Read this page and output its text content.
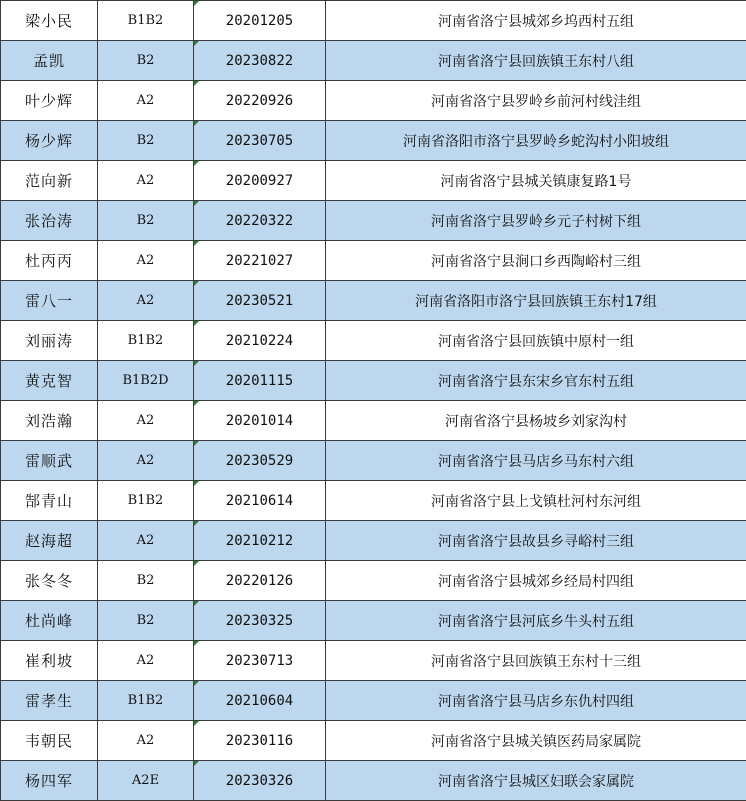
梁小民	B1B2	20201205	河南省洛宁县城郊乡坞西村五组
孟凯	B2	20230822	河南省洛宁县回族镇王东村八组
叶少辉	A2	20220926	河南省洛宁县罗岭乡前河村线洼组
杨少辉	B2	20230705	河南省洛阳市洛宁县罗岭乡蛇沟村小阳坡组
范向新	A2	20200927	河南省洛宁县城关镇康复路1号
张治涛	B2	20220322	河南省洛宁县罗岭乡元子村树下组
杜丙丙	A2	20221027	河南省洛宁县涧口乡西陶峪村三组
雷八一	A2	20230521	河南省洛阳市洛宁县回族镇王东村17组
刘丽涛	B1B2	20210224	河南省洛宁县回族镇中原村一组
黄克智	B1B2D	20201115	河南省洛宁县东宋乡官东村五组
刘浩瀚	A2	20201014	河南省洛宁县杨坡乡刘家沟村
雷顺武	A2	20230529	河南省洛宁县马店乡马东村六组
郜青山	B1B2	20210614	河南省洛宁县上戈镇杜河村东河组
赵海超	A2	20210212	河南省洛宁县故县乡寻峪村三组
张冬冬	B2	20220126	河南省洛宁县城郊乡经局村四组
杜尚峰	B2	20230325	河南省洛宁县河底乡牛头村五组
崔利坡	A2	20230713	河南省洛宁县回族镇王东村十三组
雷孝生	B1B2	20210604	河南省洛宁县马店乡东仇村四组
韦朝民	A2	20230116	河南省洛宁县城关镇医药局家属院
杨四军	A2E	20230326	河南省洛宁县城区妇联会家属院
